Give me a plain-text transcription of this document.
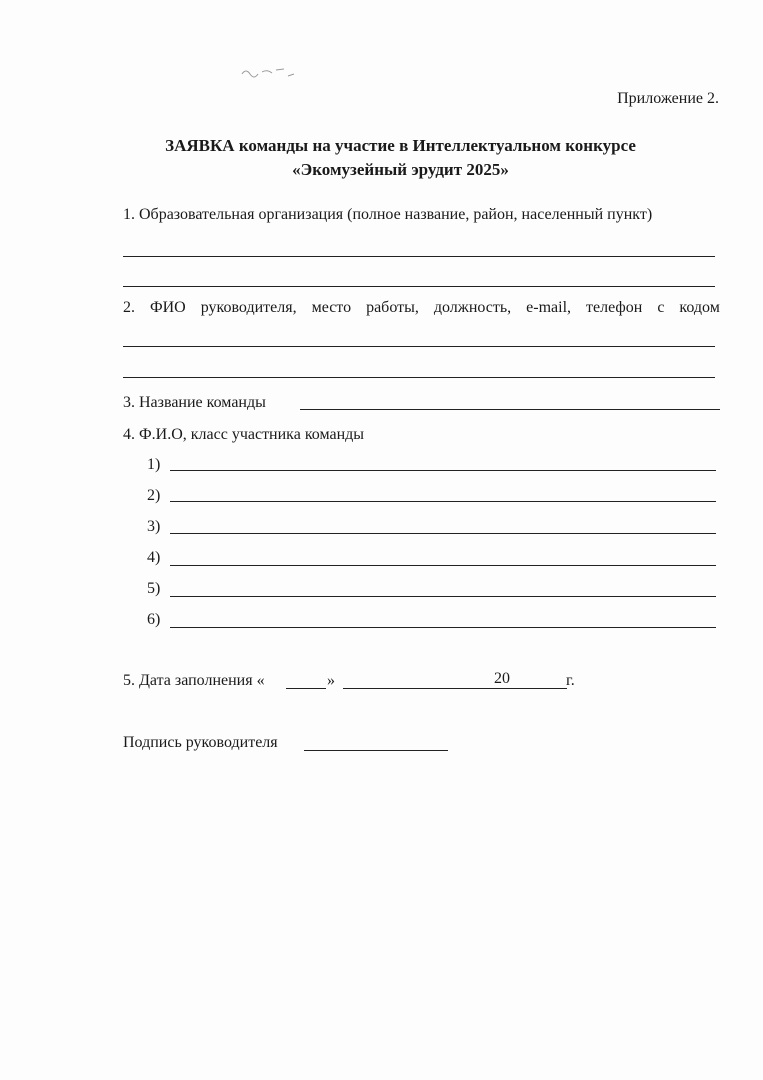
Приложение 2.
ЗАЯВКА команды на участие в Интеллектуальном конкурсе
«Экомузейный эрудит 2025»
1. Образовательная организация (полное название, район, населенный пункт)
2. ФИО руководителя, место работы, должность, e-mail, телефон с кодом
3. Название команды
4. Ф.И.О, класс участника команды
1)
2)
3)
4)
5)
6)
5. Дата заполнения «	»	20	г.
Подпись руководителя
